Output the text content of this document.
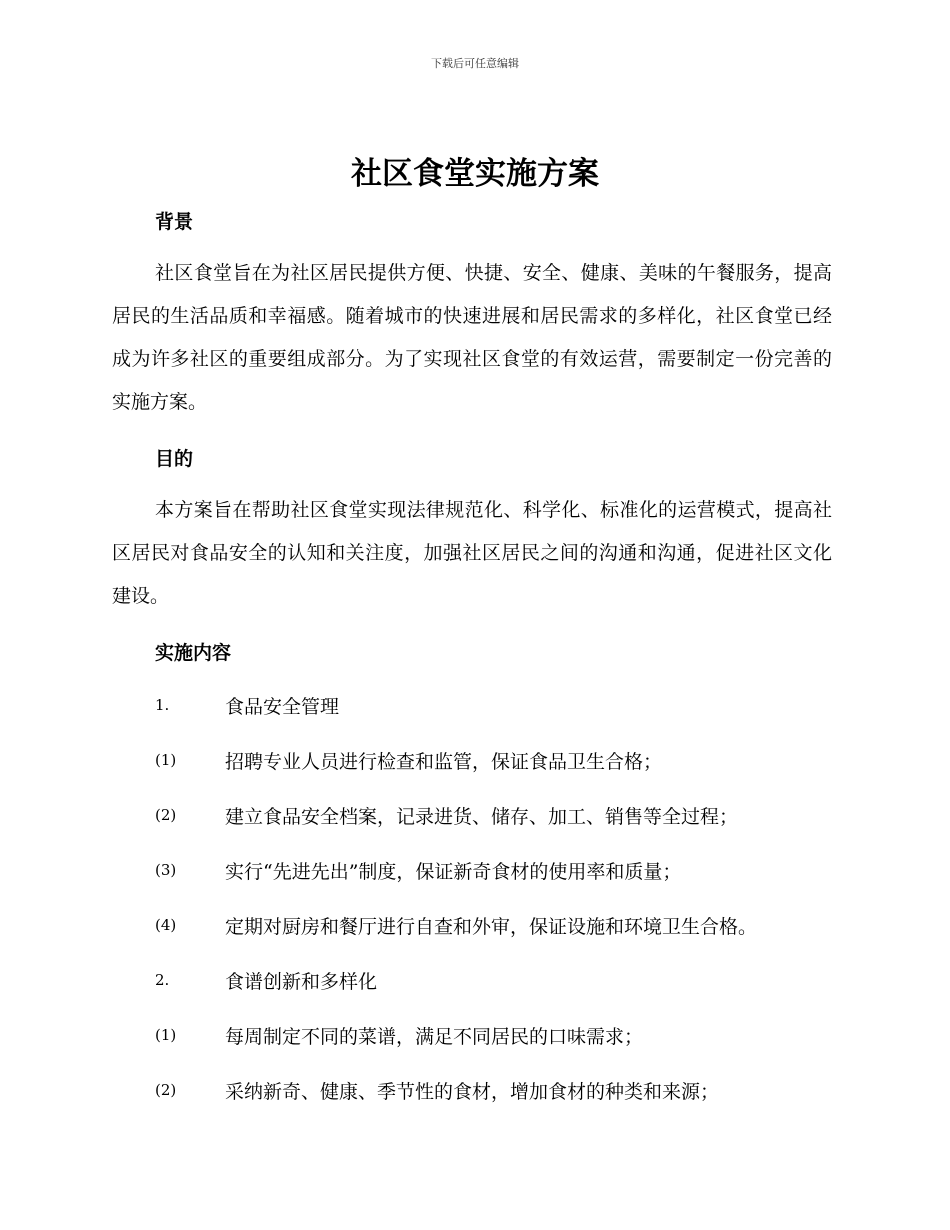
下载后可任意编辑
社区食堂实施方案
背景

社区食堂旨在为社区居民提供方便、快捷、安全、健康、美味的午餐服务，提高居民的生活品质和幸福感。随着城市的快速进展和居民需求的多样化，社区食堂已经成为许多社区的重要组成部分。为了实现社区食堂的有效运营，需要制定一份完善的实施方案。

目的

本方案旨在帮助社区食堂实现法律规范化、科学化、标准化的运营模式，提高社区居民对食品安全的认知和关注度，加强社区居民之间的沟通和沟通，促进社区文化建设。

实施内容
1.	食品安全管理
(1)	招聘专业人员进行检查和监管，保证食品卫生合格；
(2)	建立食品安全档案，记录进货、储存、加工、销售等全过程；
(3)	实行“先进先出”制度，保证新奇食材的使用率和质量；
(4)	定期对厨房和餐厅进行自查和外审，保证设施和环境卫生合格。
2.	食谱创新和多样化
(1)	每周制定不同的菜谱，满足不同居民的口味需求；
(2)	采纳新奇、健康、季节性的食材，增加食材的种类和来源；
